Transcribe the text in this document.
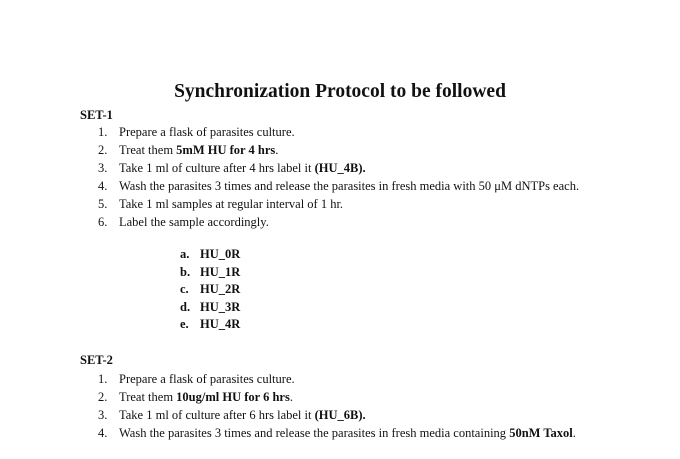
Synchronization Protocol to be followed
SET-1
1. Prepare a flask of parasites culture.
2. Treat them 5mM HU for 4 hrs.
3. Take 1 ml of culture after 4 hrs label it (HU_4B).
4. Wash the parasites 3 times and release the parasites in fresh media with 50 μM dNTPs each.
5. Take 1 ml samples at regular interval of 1 hr.
6. Label the sample accordingly.
a. HU_0R
b. HU_1R
c. HU_2R
d. HU_3R
e. HU_4R
SET-2
1. Prepare a flask of parasites culture.
2. Treat them 10ug/ml HU for 6 hrs.
3. Take 1 ml of culture after 6 hrs label it (HU_6B).
4. Wash the parasites 3 times and release the parasites in fresh media containing 50nM Taxol.
